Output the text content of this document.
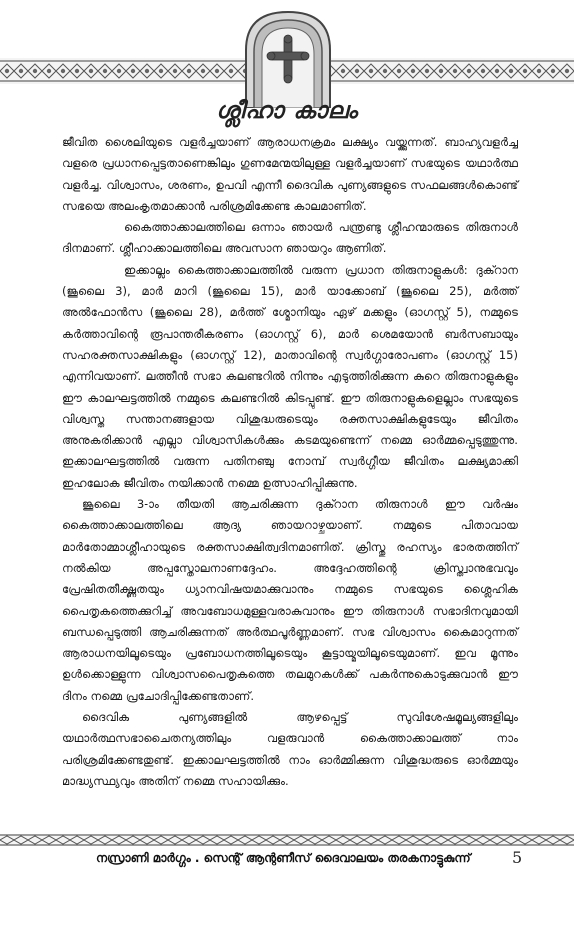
ശ്ലീഹാ കാലം

ജീവിത ശൈലിയുടെ വളർച്ചയാണ് ആരാധനക്രമം ലക്ഷ്യം വയ്ക്കുന്നത്. ബാഹ്യവളർച്ച വളരെ പ്രധാനപ്പെട്ടതാണെങ്കിലും ഗുണമേന്മയിലുള്ള വളർച്ചയാണ് സഭയുടെ യഥാർത്ഥ വളർച്ച. വിശ്വാസം, ശരണം, ഉപവി എന്നീ ദൈവിക പുണ്യങ്ങളുടെ സഫലങ്ങൾകൊണ്ട് സഭയെ അലംകൃതമാക്കാൻ പരിശ്രമിക്കേണ്ട കാലമാണിത്.

കൈത്താക്കാലത്തിലെ ഒന്നാം ഞായർ പന്ത്രണ്ടു ശ്ലീഹന്മാരുടെ തിരുനാൾ ദിനമാണ്. ശ്ലീഹാക്കാലത്തിലെ അവസാന ഞായറും ആണിത്.

ഇക്കാല്ലം കൈത്താക്കാലത്തിൽ വരുന്ന പ്രധാന തിരുനാളുകൾ: ദുക്റാന (ജൂലൈ 3), മാർ മാറി (ജൂലൈ 15), മാർ യാക്കോബ് (ജൂലൈ 25), മർത്ത് അൽഫോൻസ (ജൂലൈ 28), മർത്ത് ശ്മോനിയും ഏഴ് മക്കളും (ഓഗസ്റ്റ് 5), നമ്മുടെ കർത്താവിന്റെ രൂപാന്തരീകരണം (ഓഗസ്റ്റ് 6), മാർ ശെമയോൻ ബർസബായും സഹരക്തസാക്ഷികളും (ഓഗസ്റ്റ് 12), മാതാവിന്റെ സ്വർഗ്ഗാരോപണം (ഓഗസ്റ്റ് 15) എന്നിവയാണ്. ലത്തീൻ സഭാ കലണ്ടറിൽ നിന്നും എടുത്തിരിക്കുന്ന കുറെ തിരുനാളുകളും ഈ കാലഘട്ടത്തിൽ നമ്മുടെ കലണ്ടറിൽ കിടപ്പുണ്ട്. ഈ തിരുനാളുകളെല്ലാം സഭയുടെ വിശ്വസ്ത സന്താനങ്ങളായ വിശുദ്ധരുടെയും രക്തസാക്ഷികളുടേയും ജീവിതം അനുകരിക്കാൻ എല്ലാ വിശ്വാസികൾക്കും കടമയുണ്ടെന്ന് നമ്മെ ഓർമ്മപ്പെടുത്തുന്നു. ഇക്കാലഘട്ടത്തിൽ വരുന്ന പതിനഞ്ചു നോമ്പ് സ്വർഗ്ഗീയ ജീവിതം ലക്ഷ്യമാക്കി ഇഹലോക ജീവിതം നയിക്കാൻ നമ്മെ ഉത്സാഹിപ്പിക്കുന്നു.

ജൂലൈ 3-ാം തീയതി ആചരിക്കുന്ന ദുക്റാന തിരുനാൾ ഈ വർഷം കൈത്താക്കാലത്തിലെ ആദ്യ ഞായറാഴ്ചയാണ്. നമ്മുടെ പിതാവായ മാർതോമ്മാശ്ലീഹായുടെ രക്തസാക്ഷിത്വദിനമാണിത്. ക്രിസ്തു രഹസ്യം ഭാരതത്തിന് നൽകിയ അപ്പസ്തോലനാണദ്ദേഹം. അദ്ദേഹത്തിന്റെ ക്രിസ്ത്വാനുഭവവും പ്രേഷിതതീക്ഷ്ണതയും ധ്യാനവിഷയമാക്കുവാനും നമ്മുടെ സഭയുടെ ശ്ലൈഹിക പൈതൃകത്തെക്കുറിച്ച് അവബോധമുള്ളവരാകുവാനും ഈ തിരുനാൾ സഭാദിനവുമായി ബന്ധപ്പെടുത്തി ആചരിക്കുന്നത് അർത്ഥപൂർണ്ണമാണ്. സഭ വിശ്വാസം കൈമാറുന്നത് ആരാധനയിലൂടെയും പ്രബോധനത്തിലൂടെയും കൂട്ടായ്മയിലൂടെയുമാണ്. ഇവ മൂന്നും ഉൾക്കൊള്ളുന്ന വിശ്വാസപൈതൃകത്തെ തലമുറകൾക്ക് പകർന്നുകൊടുക്കുവാൻ ഈ ദിനം നമ്മെ പ്രചോദിപ്പിക്കേണ്ടതാണ്.

ദൈവിക പുണ്യങ്ങളിൽ ആഴപ്പെട്ട് സുവിശേഷമൂല്യങ്ങളിലും യഥാർത്ഥസഭാചൈതന്യത്തിലും വളരുവാൻ കൈത്താക്കാലത്ത് നാം പരിശ്രമിക്കേണ്ടതുണ്ട്. ഇക്കാലഘട്ടത്തിൽ നാം ഓർമ്മിക്കുന്ന വിശുദ്ധരുടെ ഓർമ്മയും മാദ്ധ്യസ്ഥ്യവും അതിന് നമ്മെ സഹായിക്കും.

നസ്രാണി മാർഗ്ഗം . സെന്റ് ആന്റണീസ് ദൈവാലയം തരകനാട്ടുകുന്ന്	5
